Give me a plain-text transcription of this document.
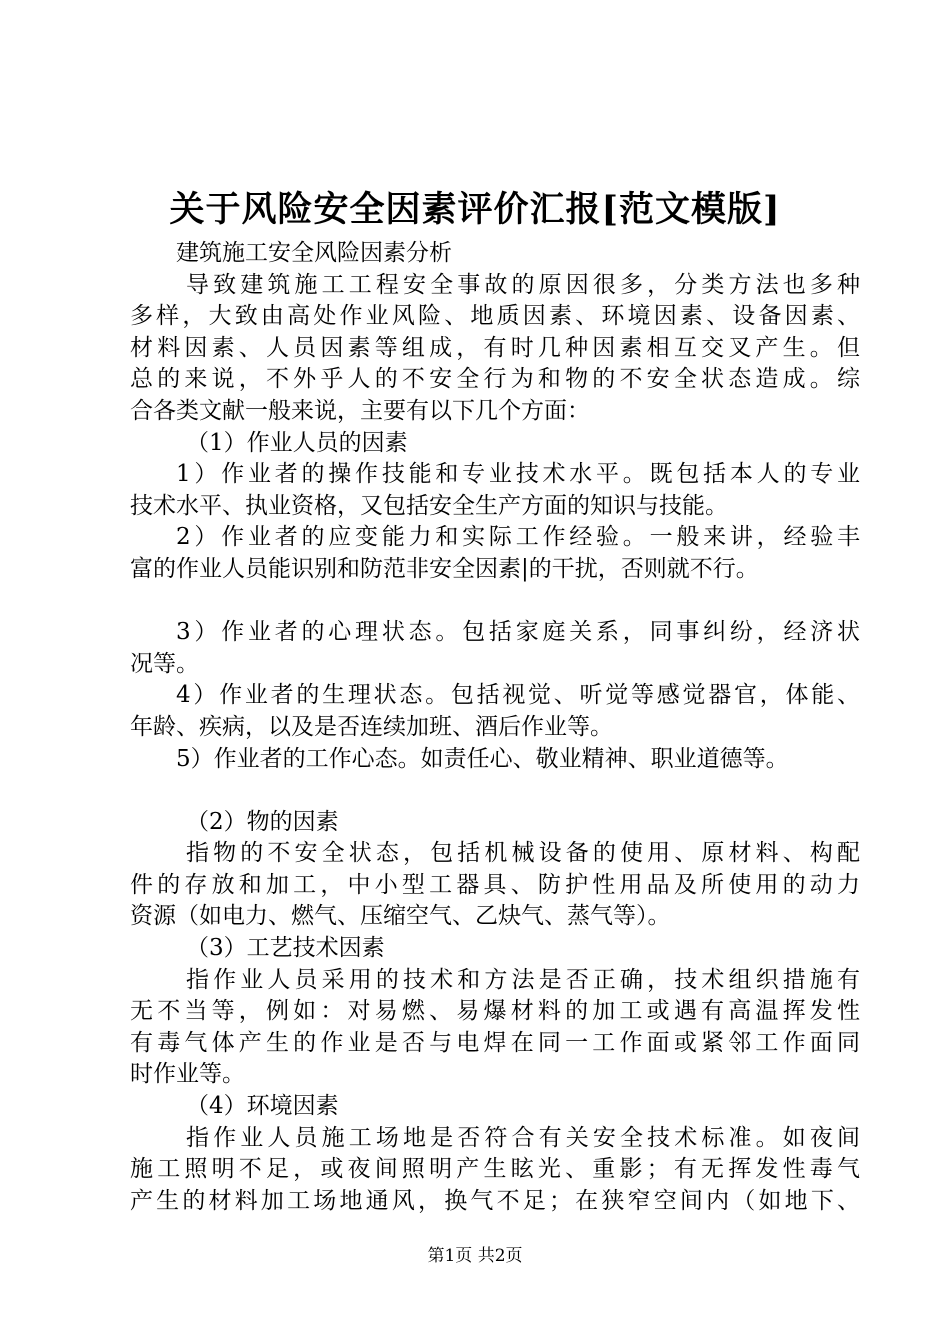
关于风险安全因素评价汇报[范文模版]
建筑施工安全风险因素分析
导致建筑施工工程安全事故的原因很多，分类方法也多种
多样，大致由高处作业风险、地质因素、环境因素、设备因素、
材料因素、人员因素等组成，有时几种因素相互交叉产生。但
总的来说，不外乎人的不安全行为和物的不安全状态造成。综
合各类文献一般来说，主要有以下几个方面：
（1）作业人员的因素
1）作业者的操作技能和专业技术水平。既包括本人的专业
技术水平、执业资格，又包括安全生产方面的知识与技能。
2）作业者的应变能力和实际工作经验。一般来讲，经验丰
富的作业人员能识别和防范非安全因素|的干扰，否则就不行。
3）作业者的心理状态。包括家庭关系，同事纠纷，经济状
况等。
4）作业者的生理状态。包括视觉、听觉等感觉器官，体能、
年龄、疾病，以及是否连续加班、酒后作业等。
5）作业者的工作心态。如责任心、敬业精神、职业道德等。
（2）物的因素
指物的不安全状态，包括机械设备的使用、原材料、构配
件的存放和加工，中小型工器具、防护性用品及所使用的动力
资源（如电力、燃气、压缩空气、乙炔气、蒸气等）。
（3）工艺技术因素
指作业人员采用的技术和方法是否正确，技术组织措施有
无不当等，例如：对易燃、易爆材料的加工或遇有高温挥发性
有毒气体产生的作业是否与电焊在同一工作面或紧邻工作面同
时作业等。
（4）环境因素
指作业人员施工场地是否符合有关安全技术标准。如夜间
施工照明不足，或夜间照明产生眩光、重影；有无挥发性毒气
产生的材料加工场地通风，换气不足；在狭窄空间内（如地下、
第1页 共2页
